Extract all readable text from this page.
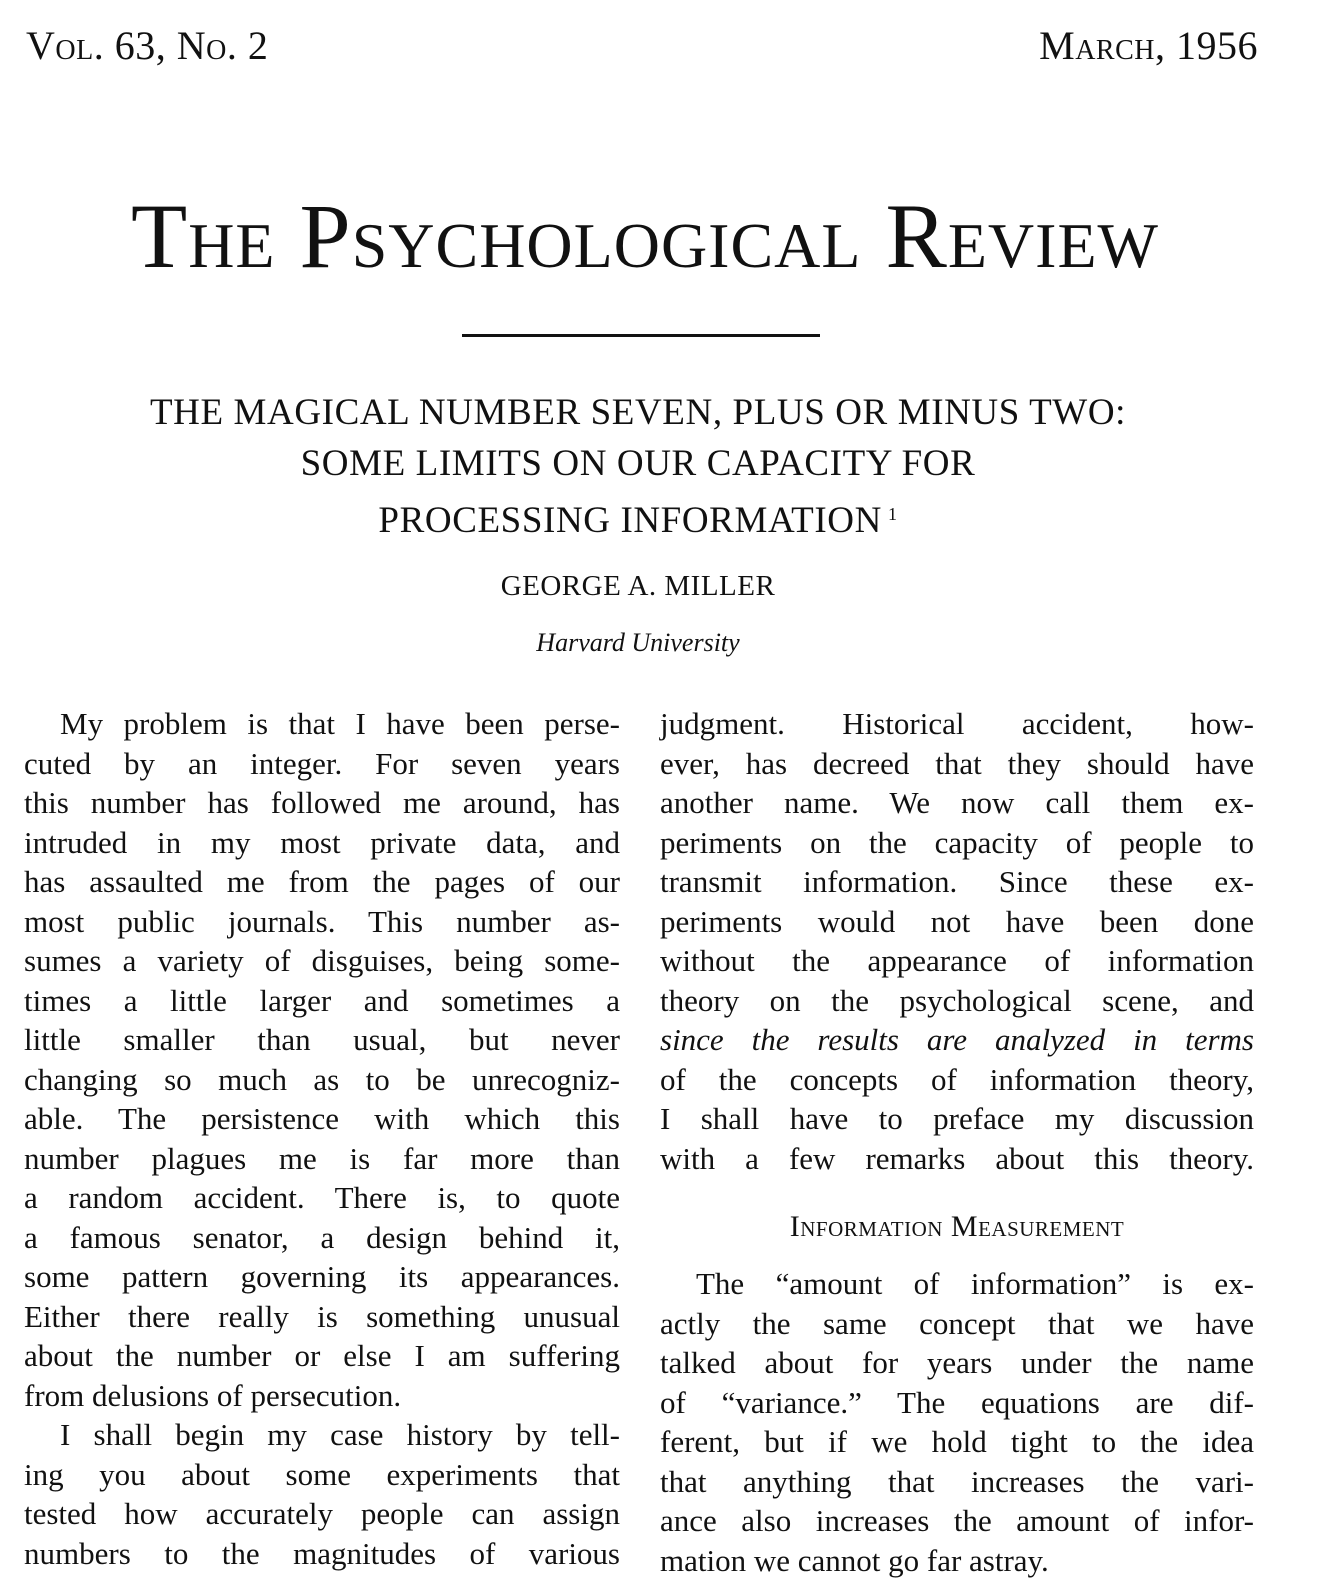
Vol. 63, No. 2	March, 1956
The Psychological Review
THE MAGICAL NUMBER SEVEN, PLUS OR MINUS TWO:
SOME LIMITS ON OUR CAPACITY FOR
PROCESSING INFORMATION $^1$
GEORGE A. MILLER
Harvard University
My problem is that I have been perse-
cuted by an integer. For seven years
this number has followed me around, has
intruded in my most private data, and
has assaulted me from the pages of our
most public journals. This number as-
sumes a variety of disguises, being some-
times a little larger and sometimes a
little smaller than usual, but never
changing so much as to be unrecogniz-
able. The persistence with which this
number plagues me is far more than
a random accident. There is, to quote
a famous senator, a design behind it,
some pattern governing its appearances.
Either there really is something unusual
about the number or else I am suffering
from delusions of persecution.
I shall begin my case history by tell-
ing you about some experiments that
tested how accurately people can assign
numbers to the magnitudes of various
judgment. Historical accident, how-
ever, has decreed that they should have
another name. We now call them ex-
periments on the capacity of people to
transmit information. Since these ex-
periments would not have been done
without the appearance of information
theory on the psychological scene, and
since the results are analyzed in terms
of the concepts of information theory,
I shall have to preface my discussion
with a few remarks about this theory.
Information Measurement
The “amount of information” is ex-
actly the same concept that we have
talked about for years under the name
of “variance.” The equations are dif-
ferent, but if we hold tight to the idea
that anything that increases the vari-
ance also increases the amount of infor-
mation we cannot go far astray.
